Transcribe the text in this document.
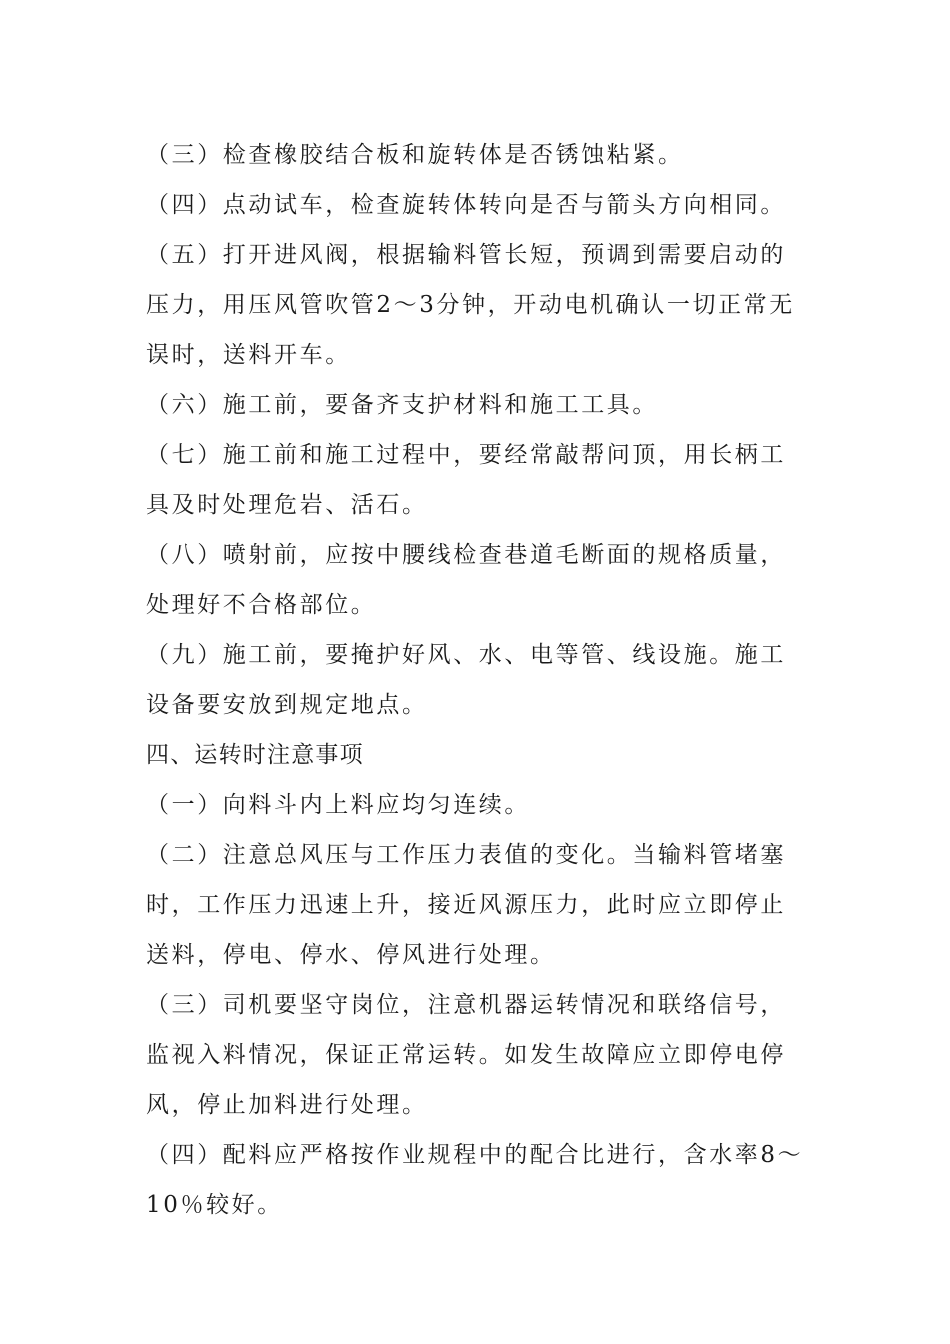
（三）检查橡胶结合板和旋转体是否锈蚀粘紧。

（四）点动试车，检查旋转体转向是否与箭头方向相同。

（五）打开进风阀，根据输料管长短，预调到需要启动的压力，用压风管吹管2～3分钟，开动电机确认一切正常无误时，送料开车。

（六）施工前，要备齐支护材料和施工工具。

（七）施工前和施工过程中，要经常敲帮问顶，用长柄工具及时处理危岩、活石。

（八）喷射前，应按中腰线检查巷道毛断面的规格质量，处理好不合格部位。

（九）施工前，要掩护好风、水、电等管、线设施。施工设备要安放到规定地点。

四、运转时注意事项

（一）向料斗内上料应均匀连续。

（二）注意总风压与工作压力表值的变化。当输料管堵塞时，工作压力迅速上升，接近风源压力，此时应立即停止送料，停电、停水、停风进行处理。

（三）司机要坚守岗位，注意机器运转情况和联络信号，监视入料情况，保证正常运转。如发生故障应立即停电停风，停止加料进行处理。

（四）配料应严格按作业规程中的配合比进行，含水率8～10％较好。
